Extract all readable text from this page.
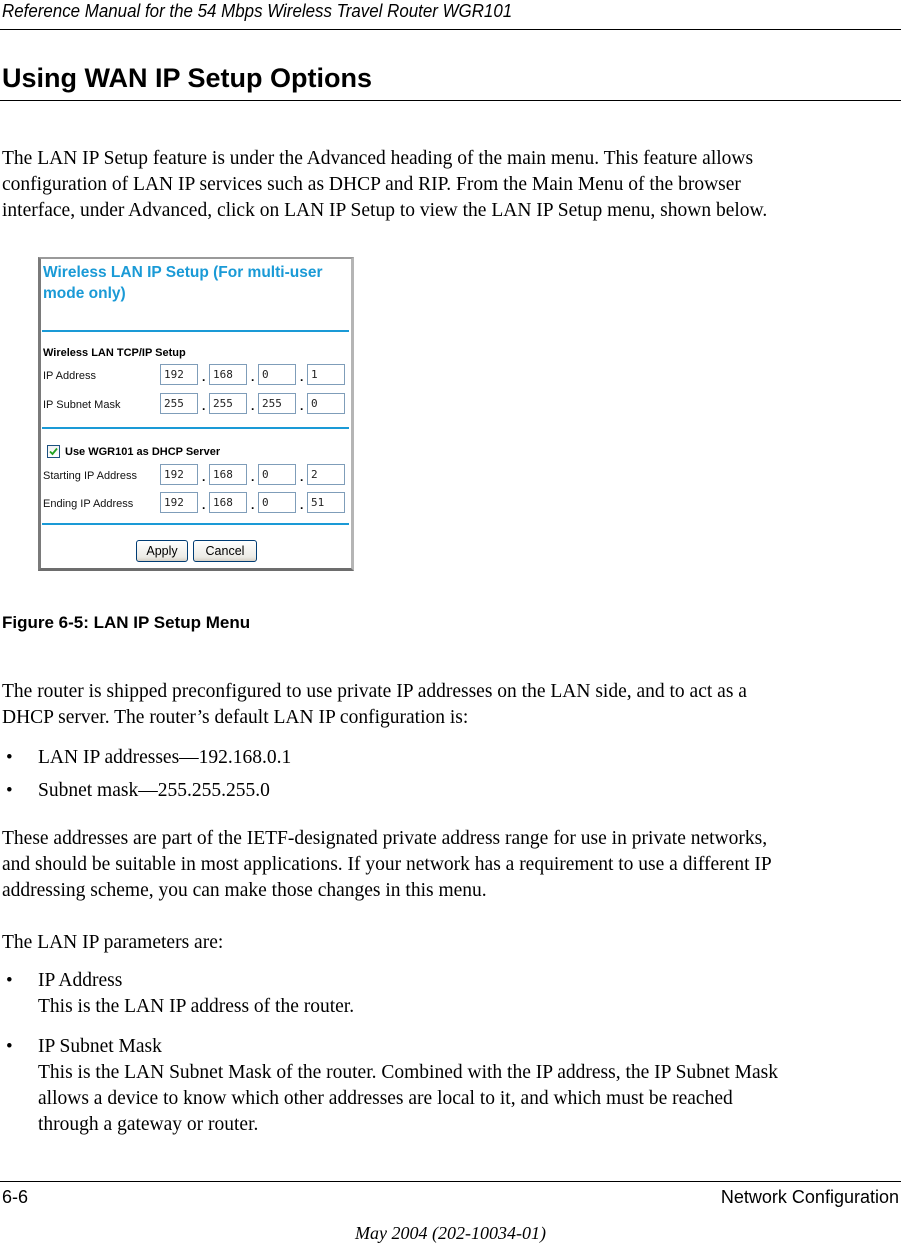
Reference Manual for the 54 Mbps Wireless Travel Router WGR101
Using WAN IP Setup Options
The LAN IP Setup feature is under the Advanced heading of the main menu. This feature allows
configuration of LAN IP services such as DHCP and RIP. From the Main Menu of the browser
interface, under Advanced, click on LAN IP Setup to view the LAN IP Setup menu, shown below.
Wireless LAN IP Setup (For multi-user
mode only)
Wireless LAN TCP/IP Setup
IP Address	192	. 168	. 0	. 1
IP Subnet Mask	255	. 255	. 255	. 0
Use WGR101 as DHCP Server
Starting IP Address	192	. 168	. 0	. 2
Ending IP Address	192	. 168	. 0	. 51
Apply	Cancel
Figure 6-5: LAN IP Setup Menu
The router is shipped preconfigured to use private IP addresses on the LAN side, and to act as a
DHCP server. The router’s default LAN IP configuration is:
• LAN IP addresses—192.168.0.1
• Subnet mask—255.255.255.0
These addresses are part of the IETF-designated private address range for use in private networks,
and should be suitable in most applications. If your network has a requirement to use a different IP
addressing scheme, you can make those changes in this menu.
The LAN IP parameters are:
• IP Address
This is the LAN IP address of the router.
• IP Subnet Mask
This is the LAN Subnet Mask of the router. Combined with the IP address, the IP Subnet Mask
allows a device to know which other addresses are local to it, and which must be reached
through a gateway or router.
6-6	Network Configuration
May 2004 (202-10034-01)
